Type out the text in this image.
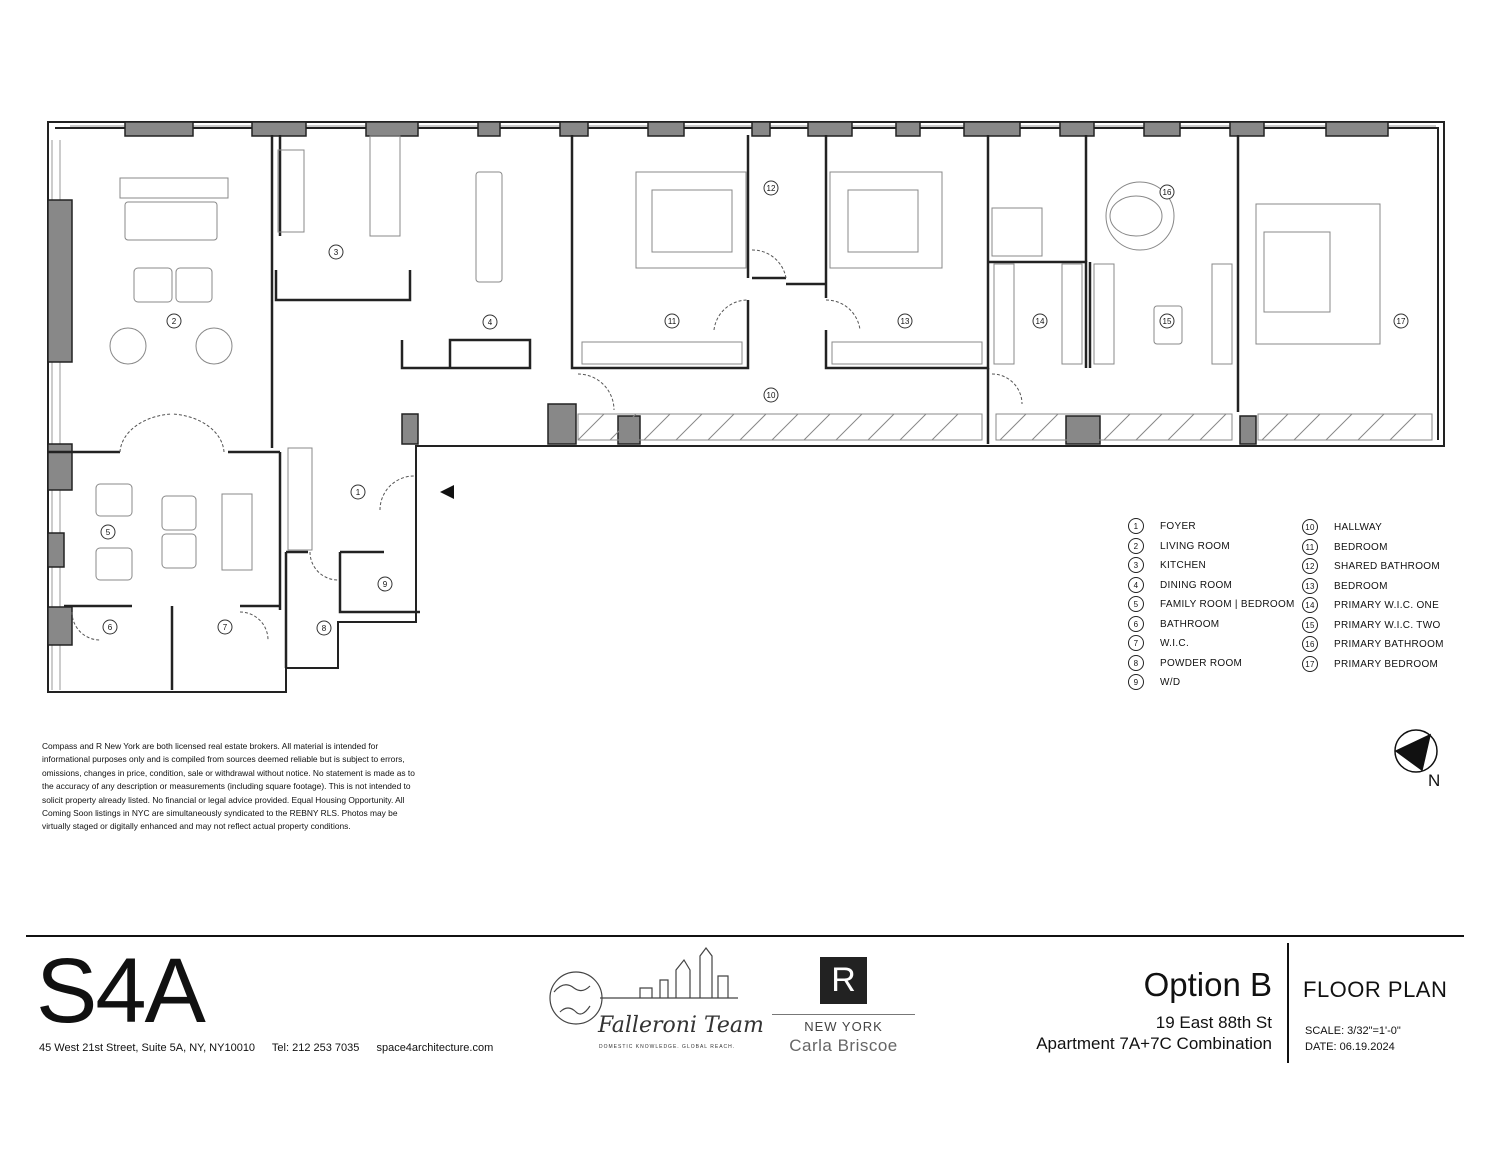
1
2
3
4
5
6	7	8
9
10
11
12
13	14	15
16
17
1	FOYER
2	LIVING ROOM
3	KITCHEN
4	DINING ROOM
5	FAMILY ROOM | BEDROOM
6	BATHROOM
7	W.I.C.
8	POWDER ROOM
9	W/D
10	HALLWAY
11	BEDROOM
12	SHARED BATHROOM
13	BEDROOM
14	PRIMARY W.I.C. ONE
15	PRIMARY W.I.C. TWO
16	PRIMARY BATHROOM
17	PRIMARY BEDROOM
N
Compass and R New York are both licensed real estate brokers. All material is intended for informational purposes only and is compiled from sources deemed reliable but is subject to errors, omissions, changes in price, condition, sale or withdrawal without notice. No statement is made as to the accuracy of any description or measurements (including square footage). This is not intended to solicit property already listed. No financial or legal advice provided. Equal Housing Opportunity. All Coming Soon listings in NYC are simultaneously syndicated to the REBNY RLS. Photos may be virtually staged or digitally enhanced and may not reflect actual property conditions.
S4A
45 West 21st Street, Suite 5A, NY, NY10010 Tel: 212 253 7035 space4architecture.com
Falleroni Team
DOMESTIC KNOWLEDGE. GLOBAL REACH.
R
NEW YORK
Carla Briscoe
Option B
19 East 88th St
Apartment 7A+7C Combination
FLOOR PLAN
SCALE: 3/32"=1'-0"
DATE: 06.19.2024
